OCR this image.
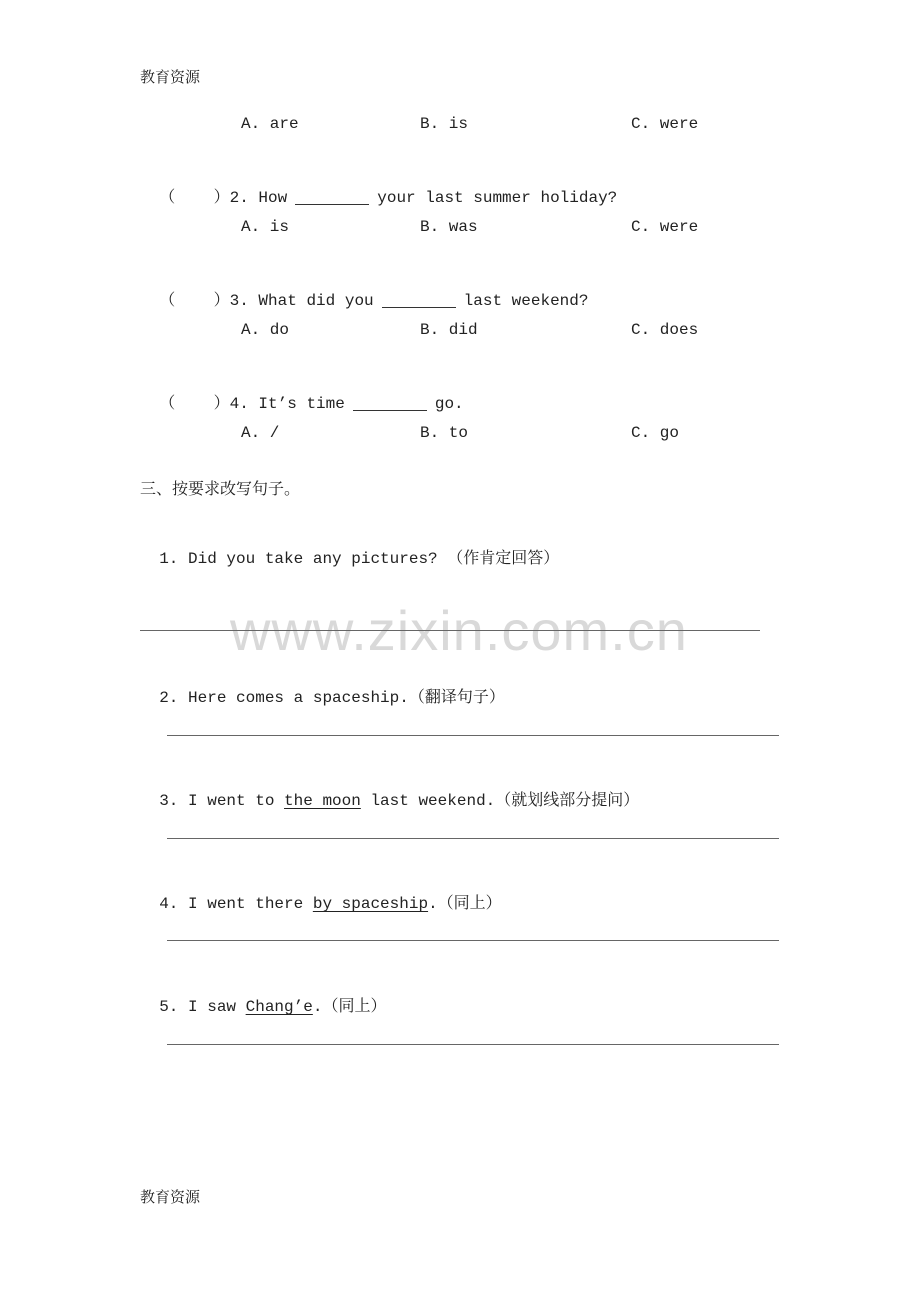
教育资源
A. are	B. is	C. were

（    ）2. How	your last summer holiday?

A. is	B. was	C. were

（    ）3. What did you	last weekend?

A. do	B. did	C. does

（    ）4. It’s time	go.

A. /	B. to	C. go
三、按要求改写句子。

1. Did you take any pictures? （作肯定回答）

www.zixin.com.cn

2. Here comes a spaceship.（翻译句子）

3. I went to the moon last weekend.（就划线部分提问）

4. I went there by spaceship.（同上）

5. I saw Chang’e.（同上）

教育资源
